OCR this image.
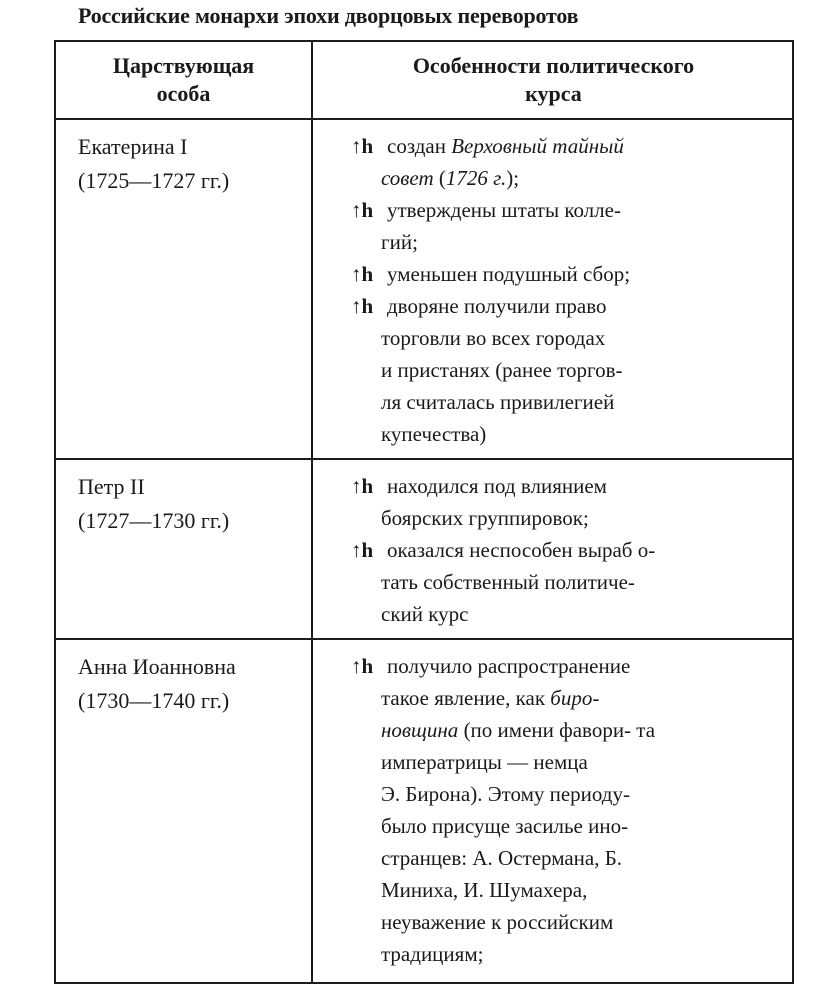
Российские монархи эпохи дворцовых переворотов
Царствующая
особа
Особенности политического
курса
Екатерина I
(1725—1727 гг.)
↑h создан Верховный тайный
совет (1726 г.);
↑h утверждены штаты колле-
гий;
↑h уменьшен подушный сбор;
↑h дворяне получили право
торговли во всех городах
и пристанях (ранее торгов-
ля считалась привилегией
купечества)
Петр II
(1727—1730 гг.)
↑h находился под влиянием
боярских группировок;
↑h оказался неспособен выраб о-
тать собственный политиче-
ский курс
Анна Иоанновна
(1730—1740 гг.)
↑h получило распространение
такое явление, как биро-
новщина (по имени фавори- та
императрицы — немца
Э. Бирона). Этому периоду-
было присуще засилье ино-
странцев: А. Остермана, Б.
Миниха, И. Шумахера,
неуважение к российским
традициям;
